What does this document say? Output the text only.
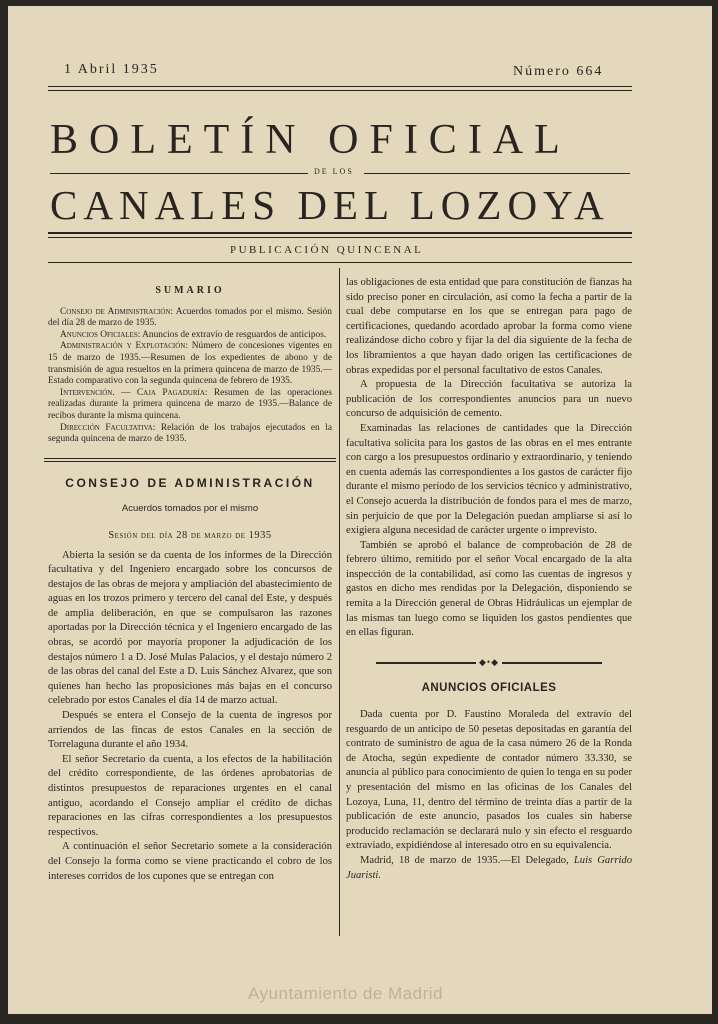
1 Abril 1935	Número 664
BOLETÍN OFICIAL
DE LOS
CANALES DEL LOZOYA
PUBLICACIÓN QUINCENAL
SUMARIO

Consejo de Administración: Acuerdos tomados por el mismo. Sesión del día 28 de marzo de 1935.

Anuncios Oficiales: Anuncios de extravío de resguardos de anticipos.

Administración y Explotación: Número de concesiones vigentes en 15 de marzo de 1935.—Resumen de los expedientes de abono y de transmisión de agua resueltos en la primera quincena de marzo de 1935.—Estado comparativo con la segunda quincena de febrero de 1935.

Intervención. — Caja Pagaduría: Resumen de las operaciones realizadas durante la primera quincena de marzo de 1935.—Balance de recibos durante la misma quincena.

Dirección Facultativa: Relación de los trabajos ejecutados en la segunda quincena de marzo de 1935.

CONSEJO DE ADMINISTRACIÓN
Acuerdos tomados por el mismo
Sesión del día 28 de marzo de 1935

Abierta la sesión se da cuenta de los informes de la Dirección facultativa y del Ingeniero encargado sobre los concursos de destajos de las obras de mejora y ampliación del abastecimiento de aguas en los trozos primero y tercero del canal del Este, y después de amplia deliberación, en que se compulsaron las razones aportadas por la Dirección técnica y el Ingeniero encargado de las obras, se acordó por mayoría proponer la adjudicación de los destajos número 1 a D. José Mulas Palacios, y el destajo número 2 de las obras del canal del Este a D. Luis Sánchez Alvarez, que son quienes han hecho las proposiciones más bajas en el concurso celebrado por estos Canales el día 14 de marzo actual.

Después se entera el Consejo de la cuenta de ingresos por arriendos de las fincas de estos Canales en la sección de Torrelaguna durante el año 1934.

El señor Secretario da cuenta, a los efectos de la habilitación del crédito correspondiente, de las órdenes aprobatorias de distintos presupuestos de reparaciones urgentes en el canal antiguo, acordando el Consejo ampliar el crédito de dichas reparaciones en las cifras correspondientes a los presupuestos respectivos.

A continuación el señor Secretario somete a la consideración del Consejo la forma como se viene practicando el cobro de los intereses corridos de los cupones que se entregan con

las obligaciones de esta entidad que para constitución de fianzas ha sido preciso poner en circulación, así como la fecha a partir de la cual debe computarse en los que se entregan para pago de certificaciones, quedando acordado aprobar la forma como viene realizándose dicho cobro y fijar la del día siguiente de la fecha de los libramientos a que hayan dado origen las certificaciones de obras expedidas por el personal facultativo de estos Canales.

A propuesta de la Dirección facultativa se autoriza la publicación de los correspondientes anuncios para un nuevo concurso de adquisición de cemento.

Examinadas las relaciones de cantidades que la Dirección facultativa solicita para los gastos de las obras en el mes entrante con cargo a los presupuestos ordinario y extraordinario, y teniendo en cuenta además las correspondientes a los gastos de carácter fijo durante el mismo período de los servicios técnico y administrativo, el Consejo acuerda la distribución de fondos para el mes de marzo, sin perjuicio de que por la Delegación puedan ampliarse si así lo exigiera alguna necesidad de carácter urgente o imprevisto.

También se aprobó el balance de comprobación de 28 de febrero último, remitido por el señor Vocal encargado de la alta inspección de la contabilidad, así como las cuentas de ingresos y gastos en dicho mes rendidas por la Delegación, disponiendo se remita a la Dirección general de Obras Hidráulicas un ejemplar de las mismas tan luego como se liquiden los gastos pendientes que en ellas figuran.

◆•◆
ANUNCIOS OFICIALES

Dada cuenta por D. Faustino Moraleda del extravío del resguardo de un anticipo de 50 pesetas depositadas en garantía del contrato de suministro de agua de la casa número 26 de la Ronda de Atocha, según expediente de contador número 33.330, se anuncia al público para conocimiento de quien lo tenga en su poder y presentación del mismo en las oficinas de los Canales del Lozoya, Luna, 11, dentro del término de treinta días a partir de la publicación de este anuncio, pasados los cuales sin haberse producido reclamación se declarará nulo y sin efecto el resguardo extraviado, expidiéndose al interesado otro en su equivalencia.

Madrid, 18 de marzo de 1935.—El Delegado, Luis Garrido Juaristi.

Ayuntamiento de Madrid
